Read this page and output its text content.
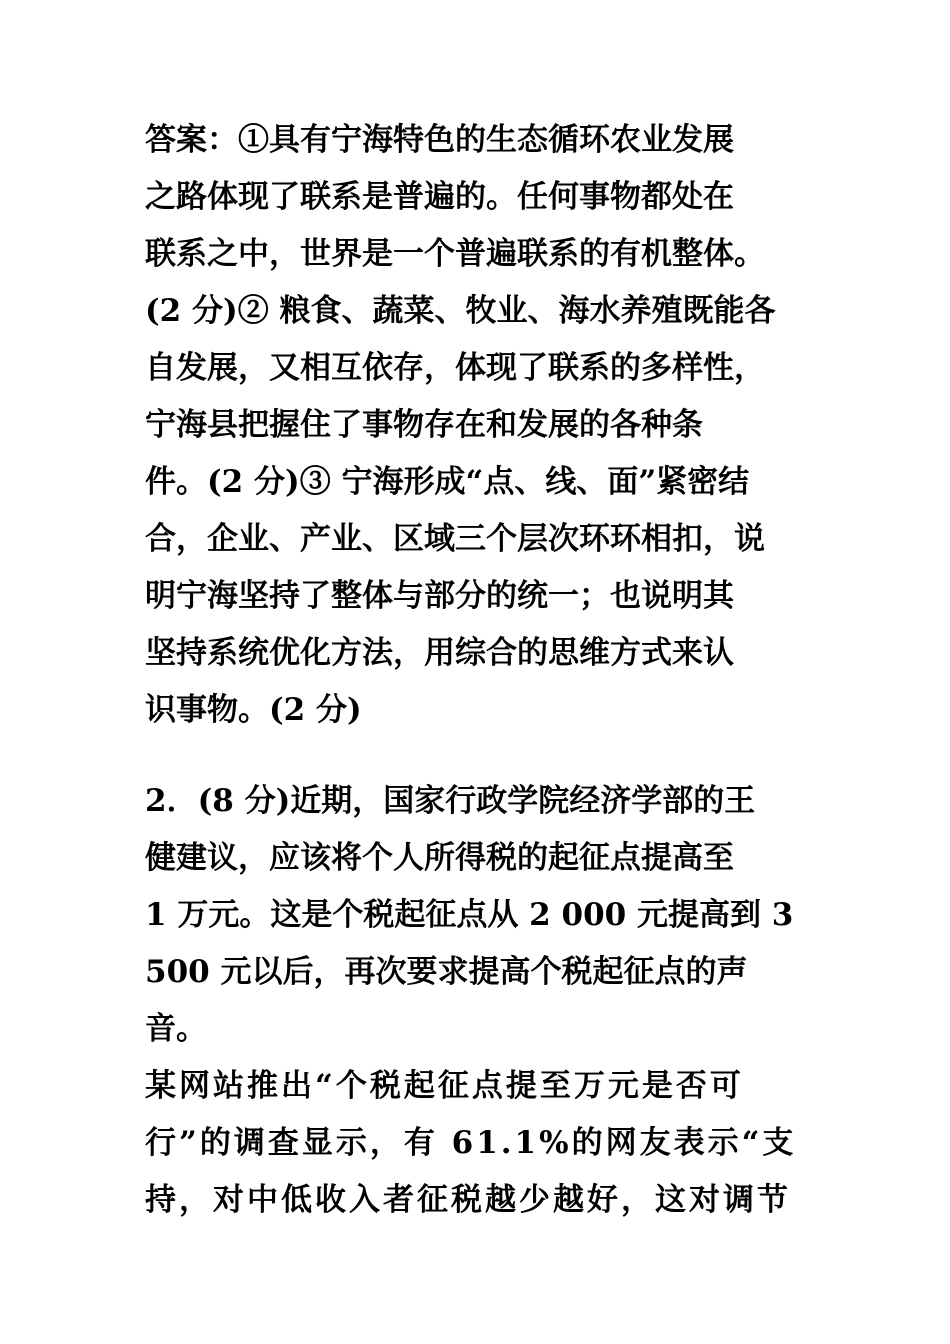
答案：①具有宁海特色的生态循环农业发展
之路体现了联系是普遍的。任何事物都处在
联系之中，世界是一个普遍联系的有机整体。
(2 分)② 粮食、蔬菜、牧业、海水养殖既能各
自发展，又相互依存，体现了联系的多样性，
宁海县把握住了事物存在和发展的各种条
件。(2 分)③ 宁海形成“点、线、面”紧密结
合，企业、产业、区域三个层次环环相扣，说
明宁海坚持了整体与部分的统一；也说明其
坚持系统优化方法，用综合的思维方式来认
识事物。(2 分)
2．(8 分)近期，国家行政学院经济学部的王
健建议，应该将个人所得税的起征点提高至
1 万元。这是个税起征点从 2 000 元提高到 3
500 元以后，再次要求提高个税起征点的声
音。
某网站推出“个税起征点提至万元是否可
行”的调查显示，有 61.1%的网友表示“支
持，对中低收入者征税越少越好，这对调节
